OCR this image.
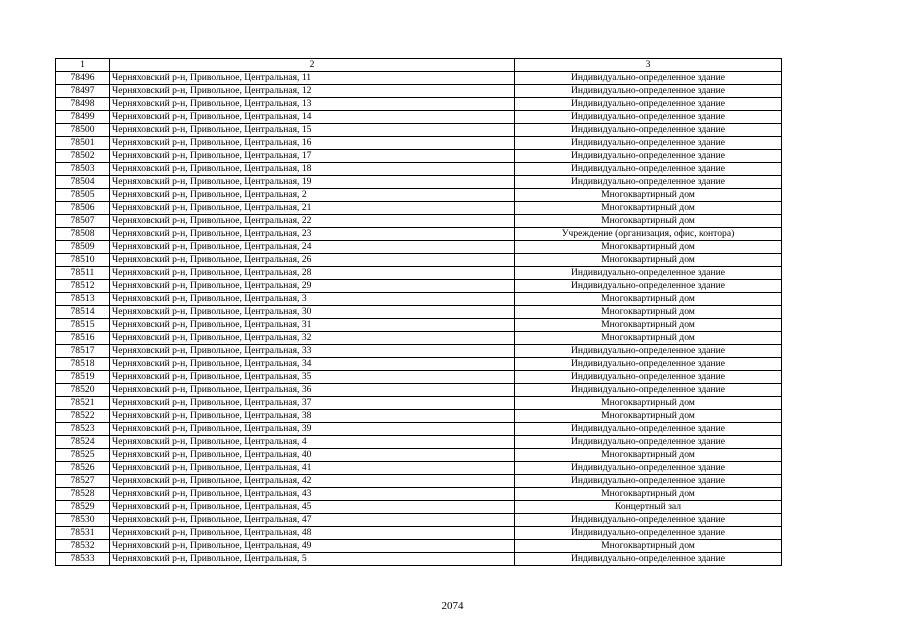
1	2	3
78496	Черняховский р-н, Привольное, Центральная, 11	Индивидуально-определенное здание
78497	Черняховский р-н, Привольное, Центральная, 12	Индивидуально-определенное здание
78498	Черняховский р-н, Привольное, Центральная, 13	Индивидуально-определенное здание
78499	Черняховский р-н, Привольное, Центральная, 14	Индивидуально-определенное здание
78500	Черняховский р-н, Привольное, Центральная, 15	Индивидуально-определенное здание
78501	Черняховский р-н, Привольное, Центральная, 16	Индивидуально-определенное здание
78502	Черняховский р-н, Привольное, Центральная, 17	Индивидуально-определенное здание
78503	Черняховский р-н, Привольное, Центральная, 18	Индивидуально-определенное здание
78504	Черняховский р-н, Привольное, Центральная, 19	Индивидуально-определенное здание
78505	Черняховский р-н, Привольное, Центральная, 2	Многоквартирный дом
78506	Черняховский р-н, Привольное, Центральная, 21	Многоквартирный дом
78507	Черняховский р-н, Привольное, Центральная, 22	Многоквартирный дом
78508	Черняховский р-н, Привольное, Центральная, 23	Учреждение (организация, офис, контора)
78509	Черняховский р-н, Привольное, Центральная, 24	Многоквартирный дом
78510	Черняховский р-н, Привольное, Центральная, 26	Многоквартирный дом
78511	Черняховский р-н, Привольное, Центральная, 28	Индивидуально-определенное здание
78512	Черняховский р-н, Привольное, Центральная, 29	Индивидуально-определенное здание
78513	Черняховский р-н, Привольное, Центральная, 3	Многоквартирный дом
78514	Черняховский р-н, Привольное, Центральная, 30	Многоквартирный дом
78515	Черняховский р-н, Привольное, Центральная, 31	Многоквартирный дом
78516	Черняховский р-н, Привольное, Центральная, 32	Многоквартирный дом
78517	Черняховский р-н, Привольное, Центральная, 33	Индивидуально-определенное здание
78518	Черняховский р-н, Привольное, Центральная, 34	Индивидуально-определенное здание
78519	Черняховский р-н, Привольное, Центральная, 35	Индивидуально-определенное здание
78520	Черняховский р-н, Привольное, Центральная, 36	Индивидуально-определенное здание
78521	Черняховский р-н, Привольное, Центральная, 37	Многоквартирный дом
78522	Черняховский р-н, Привольное, Центральная, 38	Многоквартирный дом
78523	Черняховский р-н, Привольное, Центральная, 39	Индивидуально-определенное здание
78524	Черняховский р-н, Привольное, Центральная, 4	Индивидуально-определенное здание
78525	Черняховский р-н, Привольное, Центральная, 40	Многоквартирный дом
78526	Черняховский р-н, Привольное, Центральная, 41	Индивидуально-определенное здание
78527	Черняховский р-н, Привольное, Центральная, 42	Индивидуально-определенное здание
78528	Черняховский р-н, Привольное, Центральная, 43	Многоквартирный дом
78529	Черняховский р-н, Привольное, Центральная, 45	Концертный зал
78530	Черняховский р-н, Привольное, Центральная, 47	Индивидуально-определенное здание
78531	Черняховский р-н, Привольное, Центральная, 48	Индивидуально-определенное здание
78532	Черняховский р-н, Привольное, Центральная, 49	Многоквартирный дом
78533	Черняховский р-н, Привольное, Центральная, 5	Индивидуально-определенное здание
2074
